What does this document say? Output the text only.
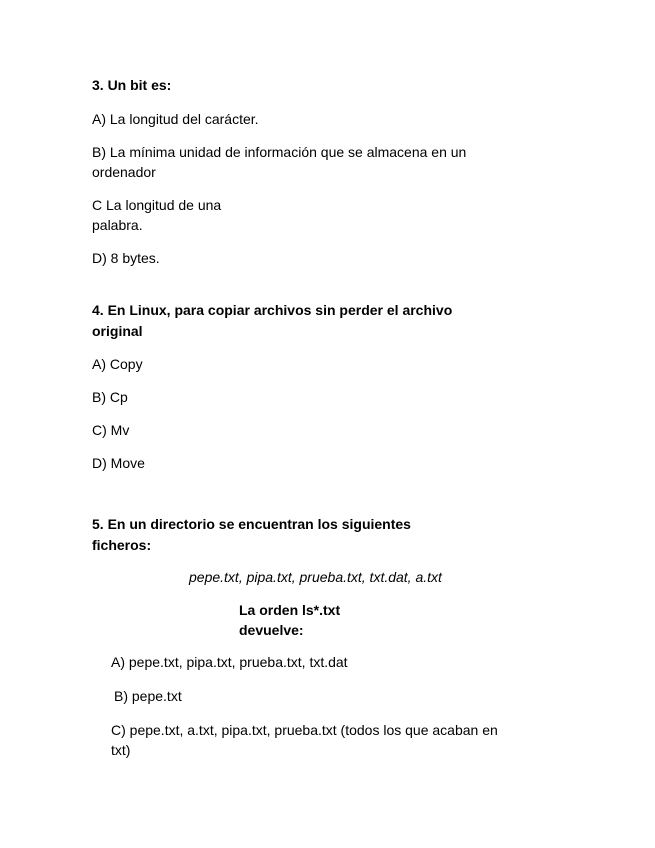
3. Un bit es:

A) La longitud del carácter.

B) La mínima unidad de información que se almacena en un

ordenador

C La longitud de una

palabra.

D) 8 bytes.

4. En Linux, para copiar archivos sin perder el archivo

original

A) Copy

B) Cp

C) Mv

D) Move

5. En un directorio se encuentran los siguientes

ficheros:

pepe.txt, pipa.txt, prueba.txt, txt.dat, a.txt

La orden ls*.txt

devuelve:

A) pepe.txt, pipa.txt, prueba.txt, txt.dat

B) pepe.txt

C) pepe.txt, a.txt, pipa.txt, prueba.txt (todos los que acaban en

txt)
